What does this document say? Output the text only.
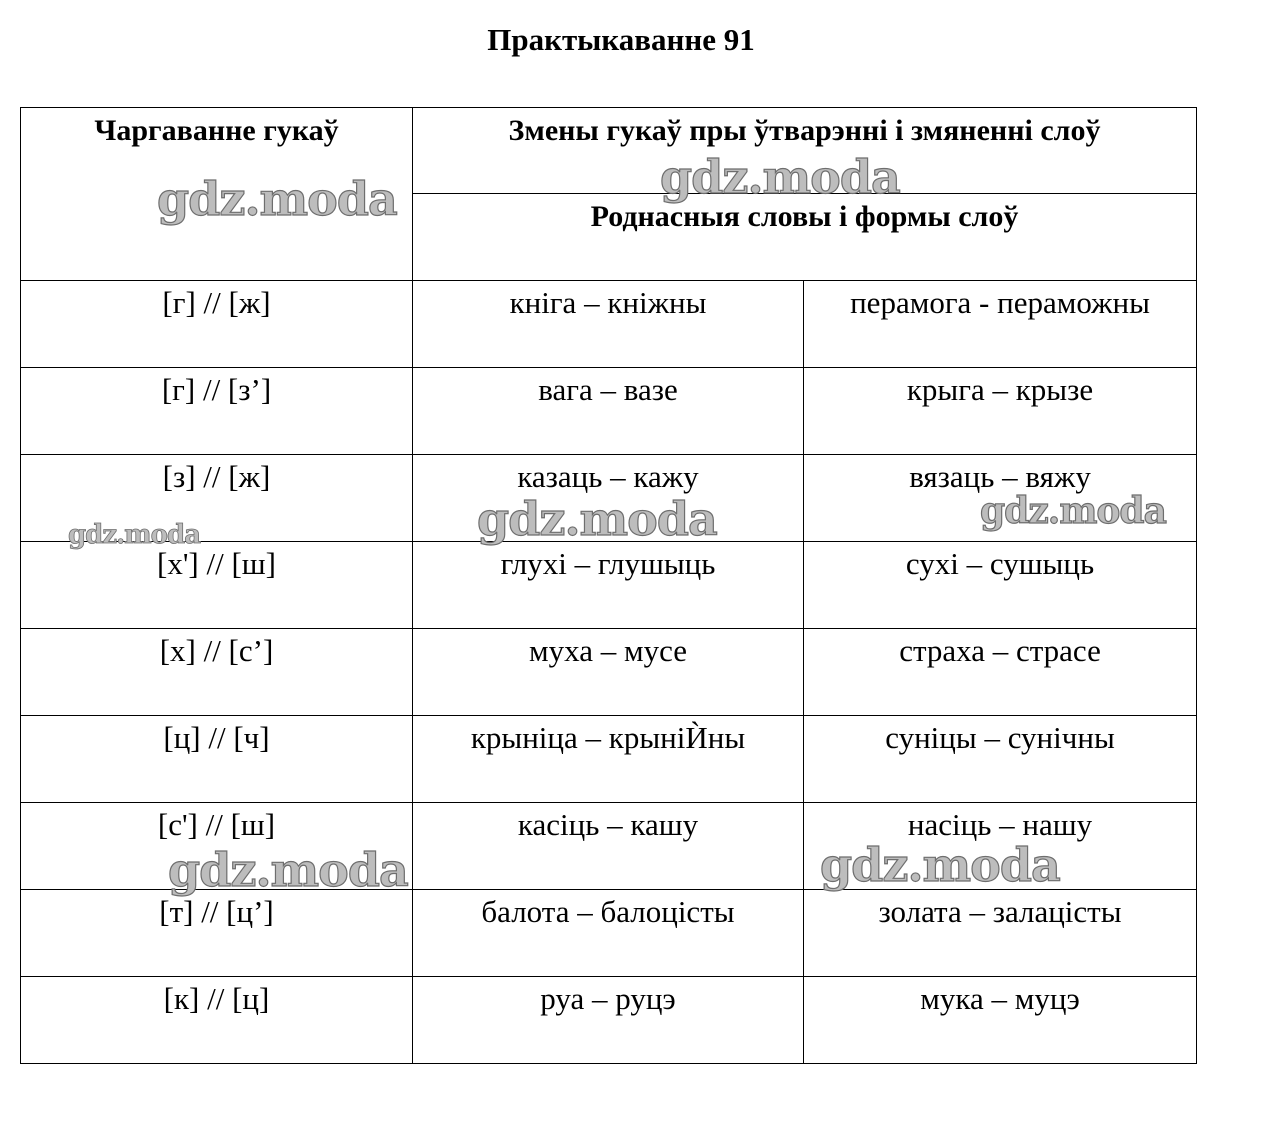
Практыкаванне 91
Чаргаванне гукаў	Змены гукаў пры ўтварэнні і змяненні слоў	
	Роднасныя словы і формы слоў	
[г] // [ж]	кніга – кніжны	перамога - пераможны
[г] // [з’]	вага – вазе	крыга – крызе
[з] // [ж]	казаць – кажу	вязаць – вяжу
[х'] // [ш]	глухі – глушыць	сухі – сушыць
[х] // [с’]	муха – мусе	страха – страсе
[ц] // [ч]	крыніца – крыніЍны	суніцы – сунічны
[с'] // [ш]	касіць – кашу	насіць – нашу
[т] // [ц’]	балота – балоцісты	золата – залацісты
[к] // [ц]	руа – руцэ	мука – муцэ
gdz.moda	gdz.moda
gdz.moda	gdz.moda
gdz.moda
gdz.moda	gdz.moda
